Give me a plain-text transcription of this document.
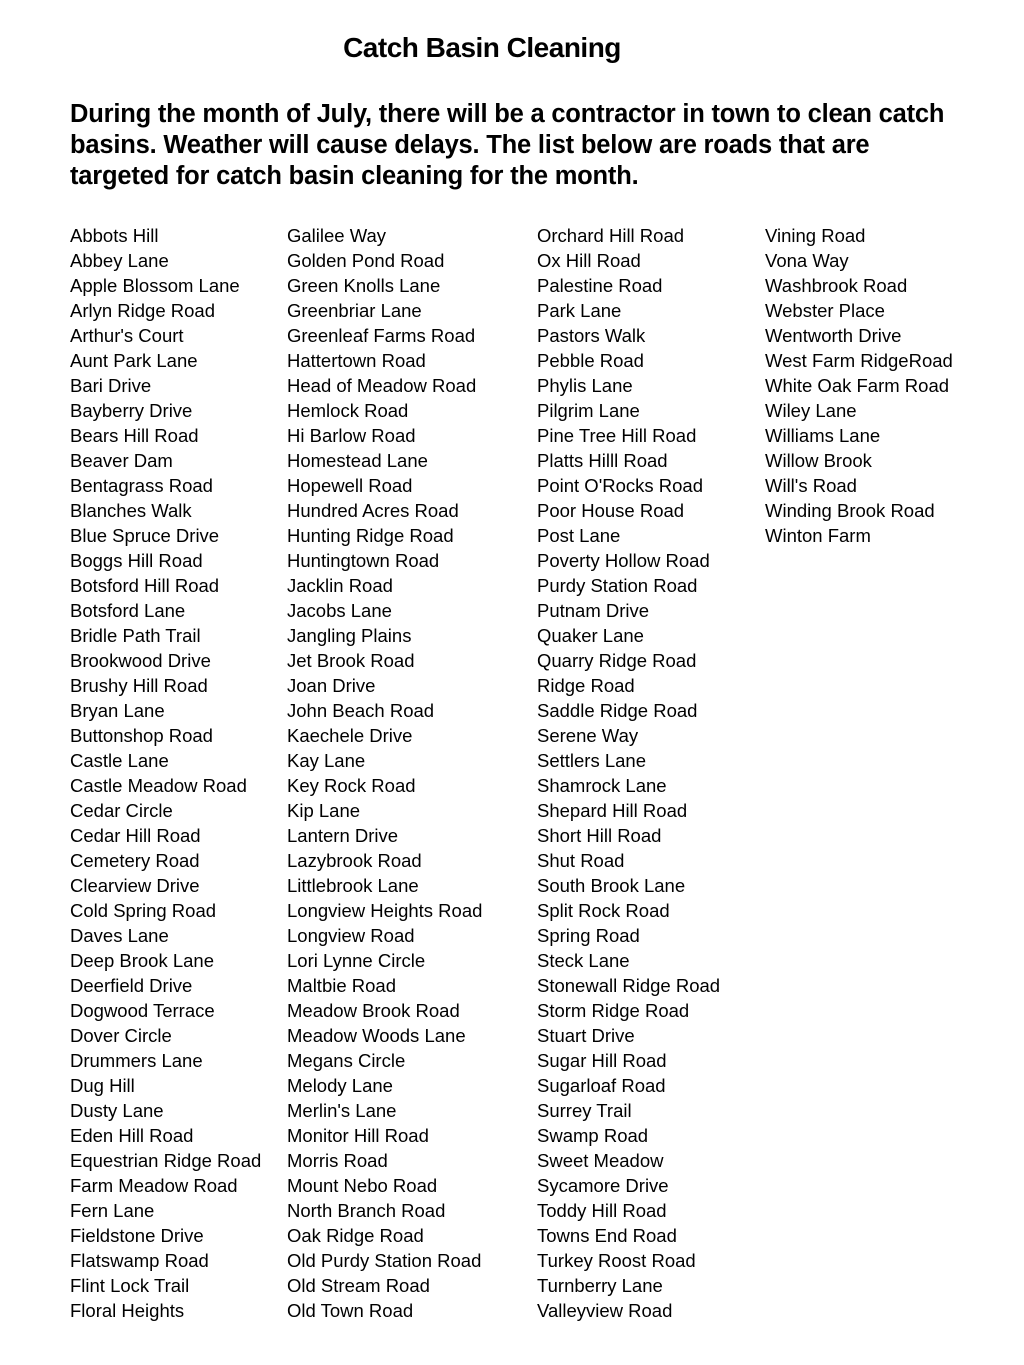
Catch Basin Cleaning
During the month of July, there will be a contractor in town to clean catch basins. Weather will cause delays. The list below are roads that are targeted for catch basin cleaning for the month.
Abbots Hill
Abbey Lane
Apple Blossom Lane
Arlyn Ridge Road
Arthur's Court
Aunt Park Lane
Bari Drive
Bayberry Drive
Bears Hill Road
Beaver Dam
Bentagrass Road
Blanches Walk
Blue Spruce Drive
Boggs Hill Road
Botsford Hill Road
Botsford Lane
Bridle Path Trail
Brookwood Drive
Brushy Hill Road
Bryan Lane
Buttonshop Road
Castle Lane
Castle Meadow Road
Cedar Circle
Cedar Hill Road
Cemetery Road
Clearview Drive
Cold Spring Road
Daves Lane
Deep Brook Lane
Deerfield Drive
Dogwood Terrace
Dover Circle
Drummers Lane
Dug Hill
Dusty Lane
Eden Hill Road
Equestrian Ridge Road
Farm Meadow Road
Fern Lane
Fieldstone Drive
Flatswamp Road
Flint Lock Trail
Floral Heights
Galilee Way
Golden Pond Road
Green Knolls Lane
Greenbriar Lane
Greenleaf Farms Road
Hattertown Road
Head of Meadow Road
Hemlock Road
Hi Barlow Road
Homestead Lane
Hopewell Road
Hundred Acres Road
Hunting Ridge Road
Huntingtown Road
Jacklin Road
Jacobs Lane
Jangling Plains
Jet Brook Road
Joan Drive
John Beach Road
Kaechele Drive
Kay Lane
Key Rock Road
Kip Lane
Lantern Drive
Lazybrook Road
Littlebrook Lane
Longview Heights Road
Longview Road
Lori Lynne Circle
Maltbie Road
Meadow Brook Road
Meadow Woods Lane
Megans Circle
Melody Lane
Merlin's Lane
Monitor Hill Road
Morris Road
Mount Nebo Road
North Branch Road
Oak Ridge Road
Old Purdy Station Road
Old Stream Road
Old Town Road
Orchard Hill Road
Ox Hill Road
Palestine Road
Park Lane
Pastors Walk
Pebble Road
Phylis Lane
Pilgrim Lane
Pine Tree Hill Road
Platts Hilll Road
Point O'Rocks Road
Poor House Road
Post Lane
Poverty Hollow Road
Purdy Station Road
Putnam Drive
Quaker Lane
Quarry Ridge Road
Ridge Road
Saddle Ridge Road
Serene Way
Settlers Lane
Shamrock Lane
Shepard Hill Road
Short Hill Road
Shut Road
South Brook Lane
Split Rock Road
Spring Road
Steck Lane
Stonewall Ridge Road
Storm Ridge Road
Stuart Drive
Sugar Hill Road
Sugarloaf Road
Surrey Trail
Swamp Road
Sweet Meadow
Sycamore Drive
Toddy Hill Road
Towns End Road
Turkey Roost Road
Turnberry Lane
Valleyview Road
Vining Road
Vona Way
Washbrook Road
Webster Place
Wentworth Drive
West Farm RidgeRoad
White Oak Farm Road
Wiley Lane
Williams Lane
Willow Brook
Will's Road
Winding Brook Road
Winton Farm
